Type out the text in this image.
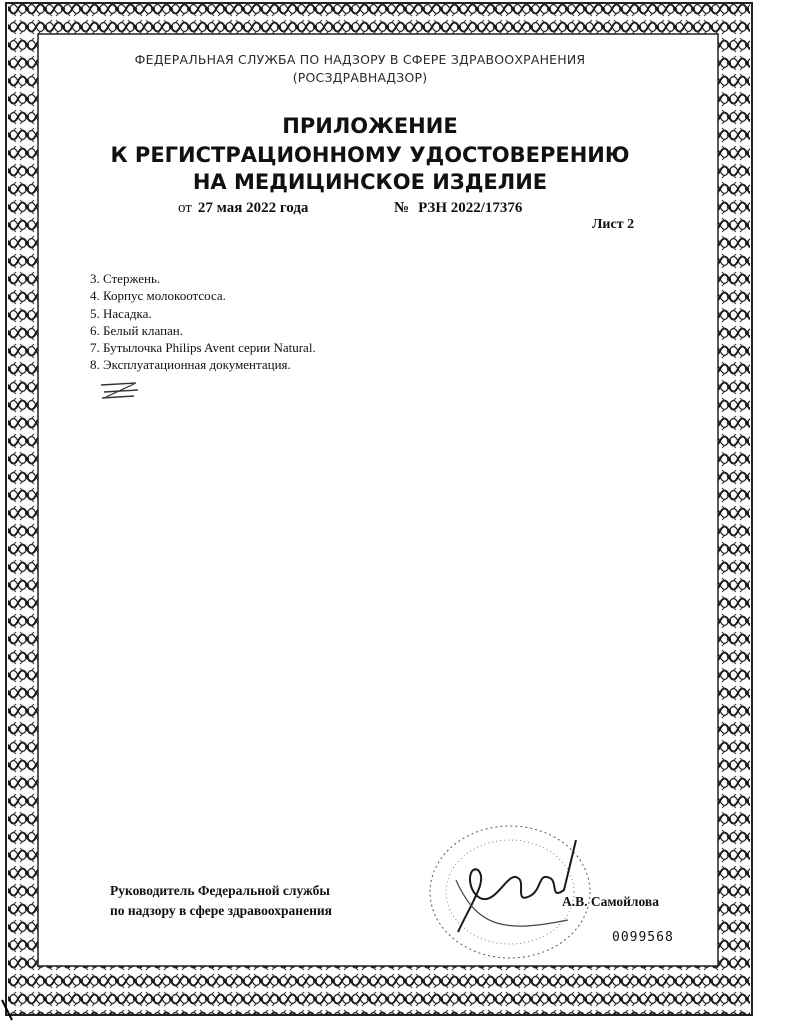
ФЕДЕРАЛЬНАЯ СЛУЖБА ПО НАДЗОРУ В СФЕРЕ ЗДРАВООХРАНЕНИЯ
(РОСЗДРАВНАДЗОР)
ПРИЛОЖЕНИЕ
К РЕГИСТРАЦИОННОМУ УДОСТОВЕРЕНИЮ
НА МЕДИЦИНСКОЕ ИЗДЕЛИЕ
от 27 мая 2022 года	№ РЗН 2022/17376
Лист 2
3. Стержень.
4. Корпус молокоотсоса.
5. Насадка.
6. Белый клапан.
7. Бутылочка Philips Avent серии Natural.
8. Эксплуатационная документация.
Руководитель Федеральной службы
по надзору в сфере здравоохранения
А.В. Самойлова
0099568
